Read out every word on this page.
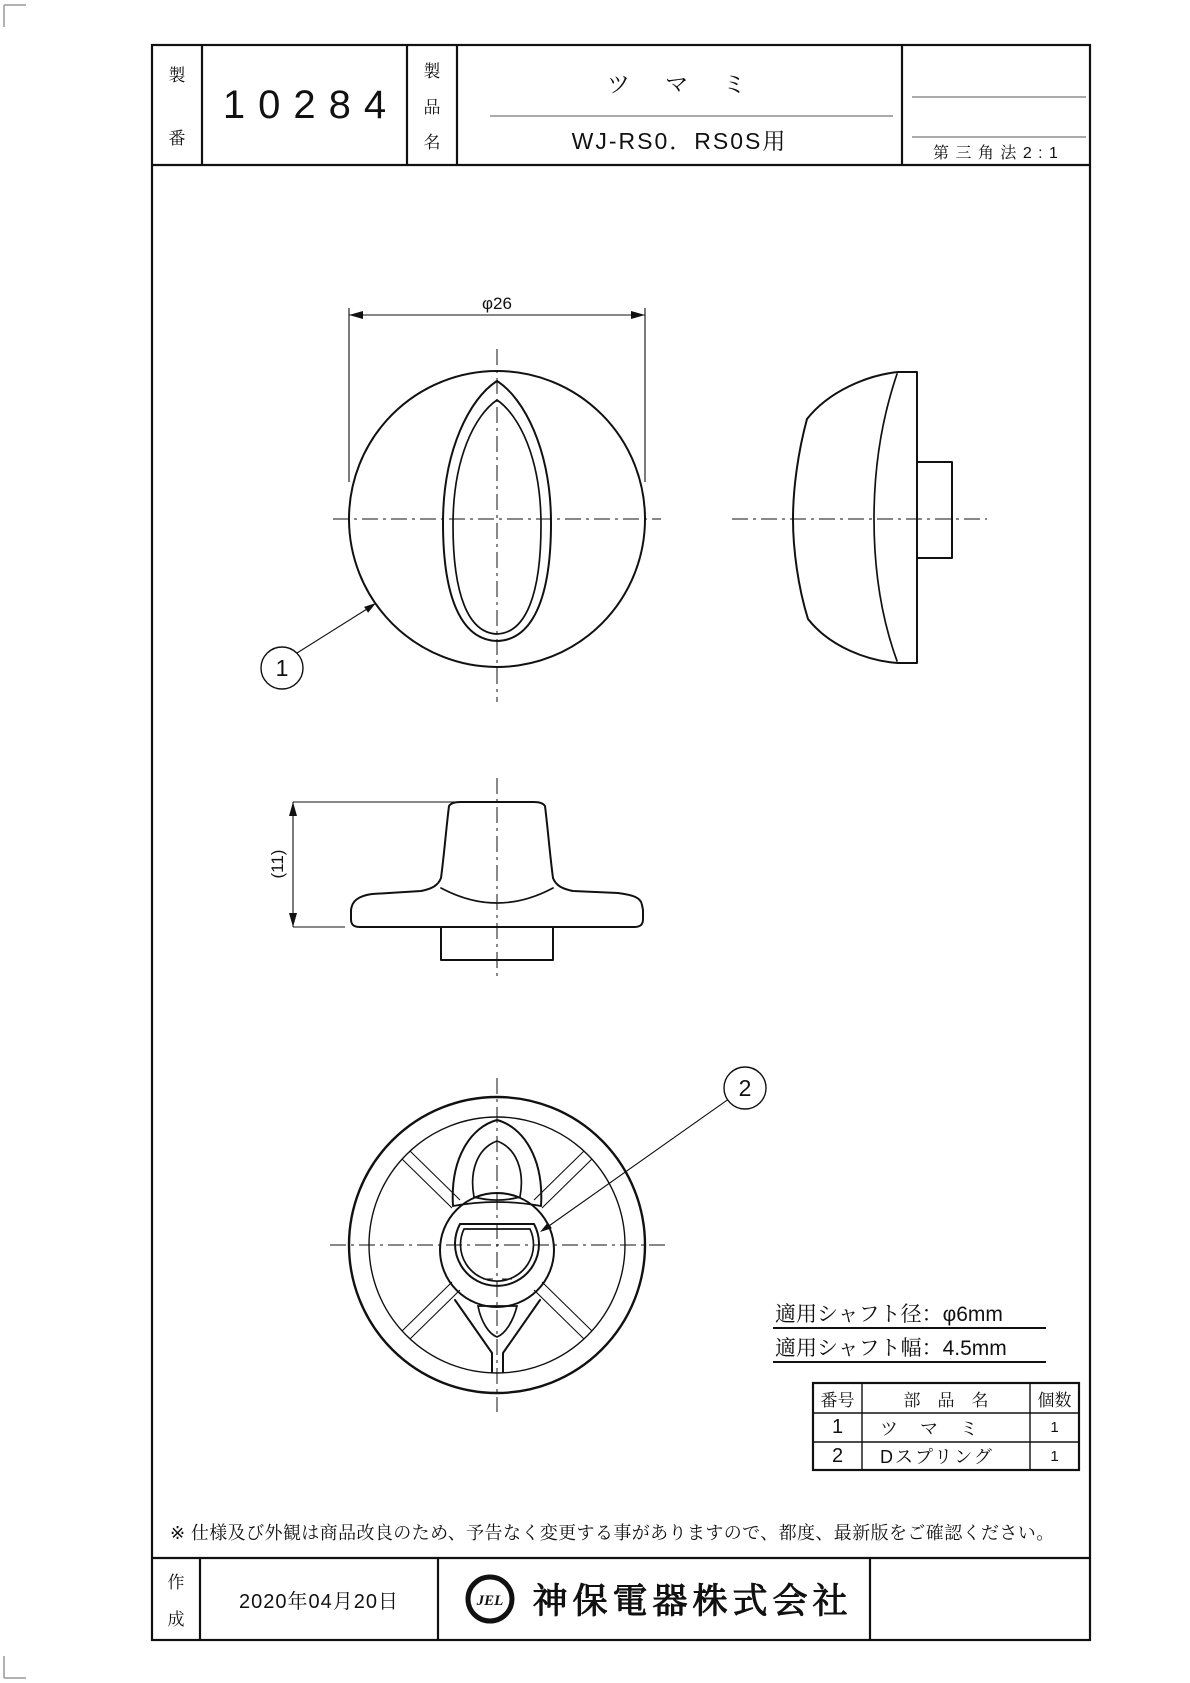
φ26
1
(11)
2
JEL
製
番
10284
製
品
名
ツ　マ　ミ
WJ-RS0．RS0S用	第 三 角 法 2 : 1
適用シャフト径：φ6mm
適用シャフト幅：4.5mm
番号	部　品　名	個数
1	ツ　マ　ミ	1
2	Dスプリング	1
※ 仕様及び外観は商品改良のため、予告なく変更する事がありますので、都度、最新版をご確認ください。
作
成
2020年04月20日	神保電器株式会社
